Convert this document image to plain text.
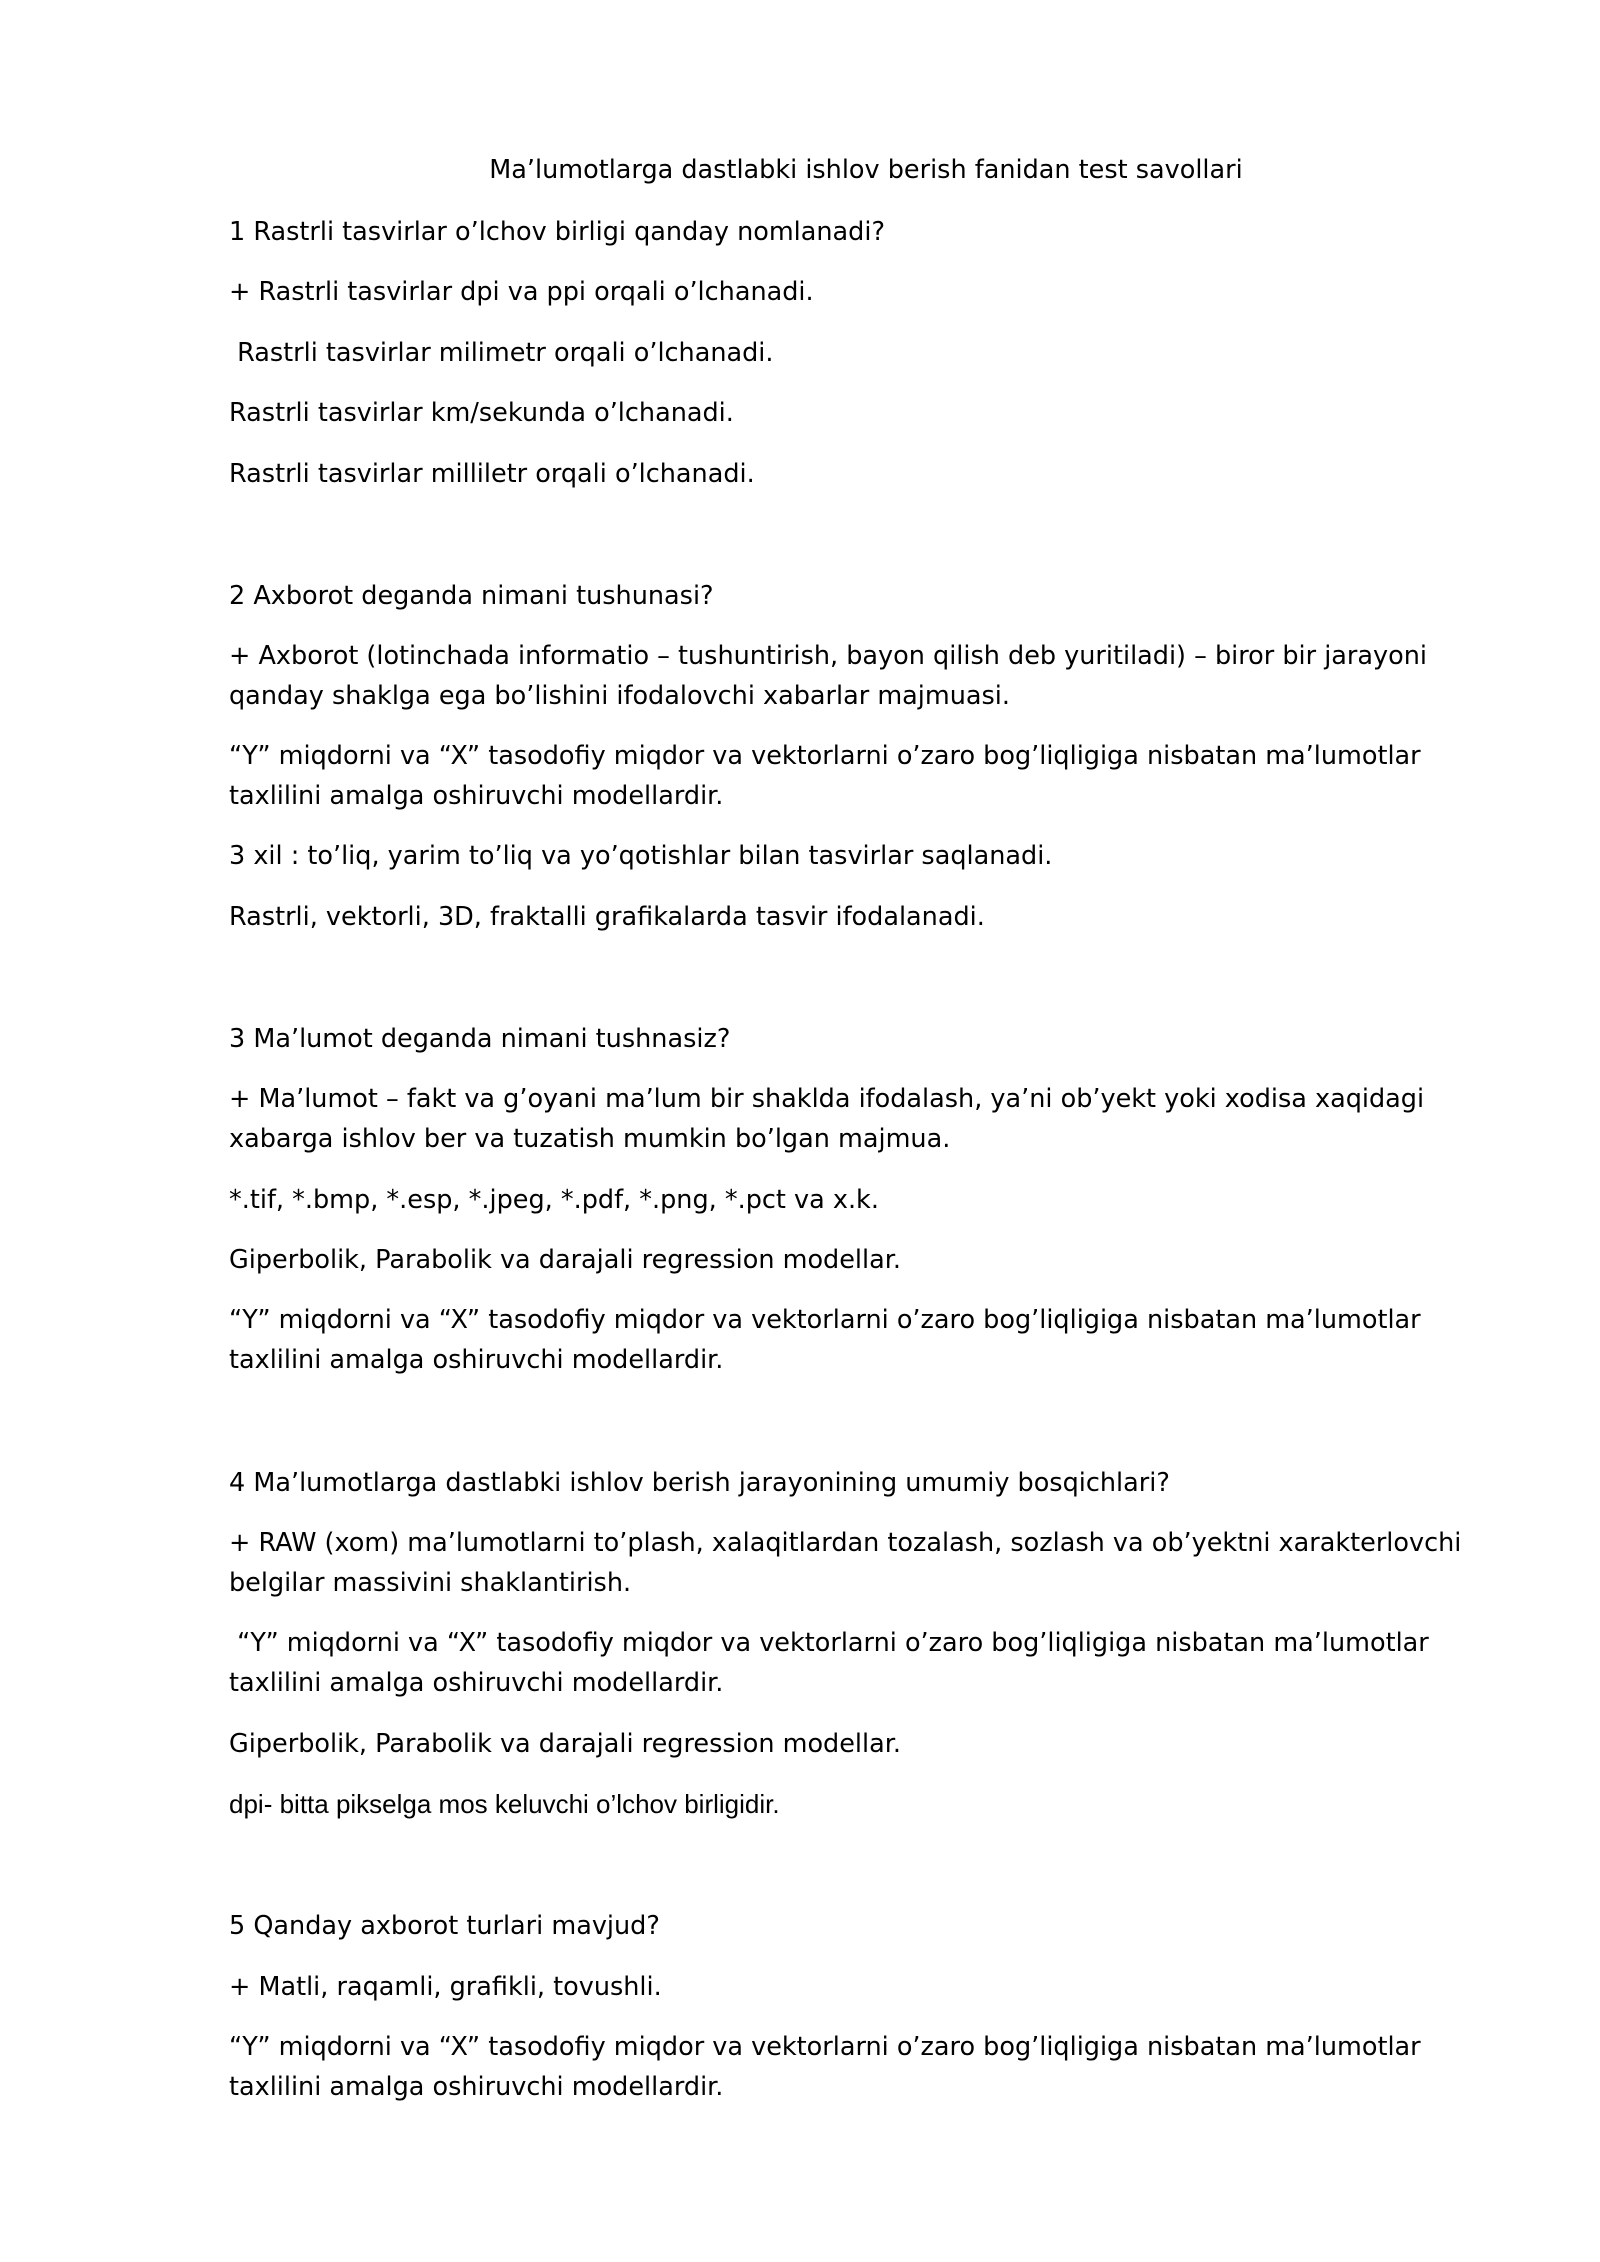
Ma’lumotlarga dastlabki ishlov berish fanidan test savollari
1 Rastrli tasvirlar o’lchov birligi qanday nomlanadi?
+ Rastrli tasvirlar dpi va ppi orqali o’lchanadi.
Rastrli tasvirlar milimetr orqali o’lchanadi.
Rastrli tasvirlar km/sekunda o’lchanadi.
Rastrli tasvirlar millilеtr orqali o’lchanadi.
2 Axborot deganda nimani tushunasi?
+ Axborot (lotinchada informatio – tushuntirish, bayon qilish deb yuritiladi) – biror bir jarayoni qanday shaklga ega bo’lishini ifodalovchi xabarlar majmuasi.
“Y” miqdorni va “X” tasodofiy miqdor va vektorlarni o’zaro bog’liqligiga nisbatan ma’lumotlar taxlilini amalga oshiruvchi modellardir.
3 xil : to’liq, yarim to’liq va yo’qotishlar bilan tasvirlar saqlanadi.
Rastrli, vektorli, 3D, fraktalli grafikalarda tasvir ifodalanadi.
3 Ma’lumot deganda nimani tushnasiz?
+ Ma’lumot – fakt va g’oyani ma’lum bir shaklda ifodalash, ya’ni ob’yekt yoki xodisa xaqidagi xabarga ishlov ber va tuzatish mumkin bo’lgan majmua.
*.tif, *.bmp, *.esp, *.jpeg, *.pdf, *.png, *.pct va x.k.
Giperbolik, Parabolik va darajali regression modellar.
“Y” miqdorni va “X” tasodofiy miqdor va vektorlarni o’zaro bog’liqligiga nisbatan ma’lumotlar taxlilini amalga oshiruvchi modellardir.
4 Ma’lumotlarga dastlabki ishlov berish jarayonining umumiy bosqichlari?
+ RAW (xom) ma’lumotlarni to’plash, xalaqitlardan tozalash, sozlash va ob’yektni xarakterlovchi belgilar massivini shaklantirish.
“Y” miqdorni va “X” tasodofiy miqdor va vektorlarni o’zaro bog’liqligiga nisbatan ma’lumotlar taxlilini amalga oshiruvchi modellardir.
Giperbolik, Parabolik va darajali regression modellar.
dpi- bitta pikselga mos keluvchi o’lchov birligidir.
5 Qanday axborot turlari mavjud?
+ Matli, raqamli, grafikli, tovushli.
“Y” miqdorni va “X” tasodofiy miqdor va vektorlarni o’zaro bog’liqligiga nisbatan ma’lumotlar taxlilini amalga oshiruvchi modellardir.
